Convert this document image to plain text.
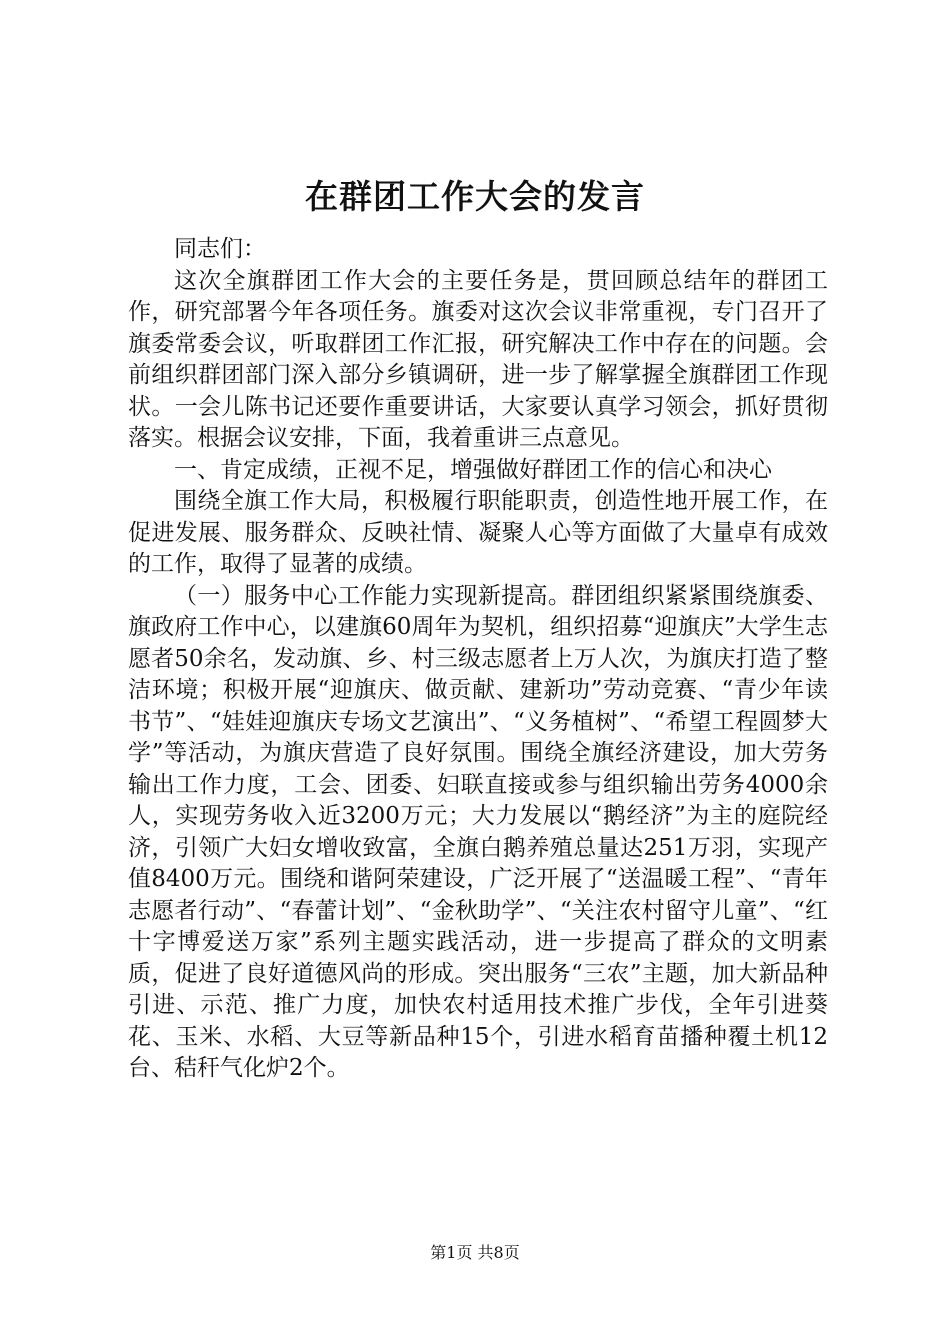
在群团工作大会的发言

同志们：

这次全旗群团工作大会的主要任务是，贯回顾总结年的群团工作，研究部署今年各项任务。旗委对这次会议非常重视，专门召开了旗委常委会议，听取群团工作汇报，研究解决工作中存在的问题。会前组织群团部门深入部分乡镇调研，进一步了解掌握全旗群团工作现状。一会儿陈书记还要作重要讲话，大家要认真学习领会，抓好贯彻落实。根据会议安排，下面，我着重讲三点意见。

一、肯定成绩，正视不足，增强做好群团工作的信心和决心

围绕全旗工作大局，积极履行职能职责，创造性地开展工作，在促进发展、服务群众、反映社情、凝聚人心等方面做了大量卓有成效的工作，取得了显著的成绩。

（一）服务中心工作能力实现新提高。群团组织紧紧围绕旗委、旗政府工作中心，以建旗60周年为契机，组织招募“迎旗庆”大学生志愿者50余名，发动旗、乡、村三级志愿者上万人次，为旗庆打造了整洁环境；积极开展“迎旗庆、做贡献、建新功”劳动竞赛、“青少年读书节”、“娃娃迎旗庆专场文艺演出”、“义务植树”、“希望工程圆梦大学”等活动，为旗庆营造了良好氛围。围绕全旗经济建设，加大劳务输出工作力度，工会、团委、妇联直接或参与组织输出劳务4000余人，实现劳务收入近3200万元；大力发展以“鹅经济”为主的庭院经济，引领广大妇女增收致富，全旗白鹅养殖总量达251万羽，实现产值8400万元。围绕和谐阿荣建设，广泛开展了“送温暖工程”、“青年志愿者行动”、“春蕾计划”、“金秋助学”、“关注农村留守儿童”、“红十字博爱送万家”系列主题实践活动，进一步提高了群众的文明素质，促进了良好道德风尚的形成。突出服务“三农”主题，加大新品种引进、示范、推广力度，加快农村适用技术推广步伐，全年引进葵花、玉米、水稻、大豆等新品种15个，引进水稻育苗播种覆土机12台、秸秆气化炉2个。

第1页 共8页
